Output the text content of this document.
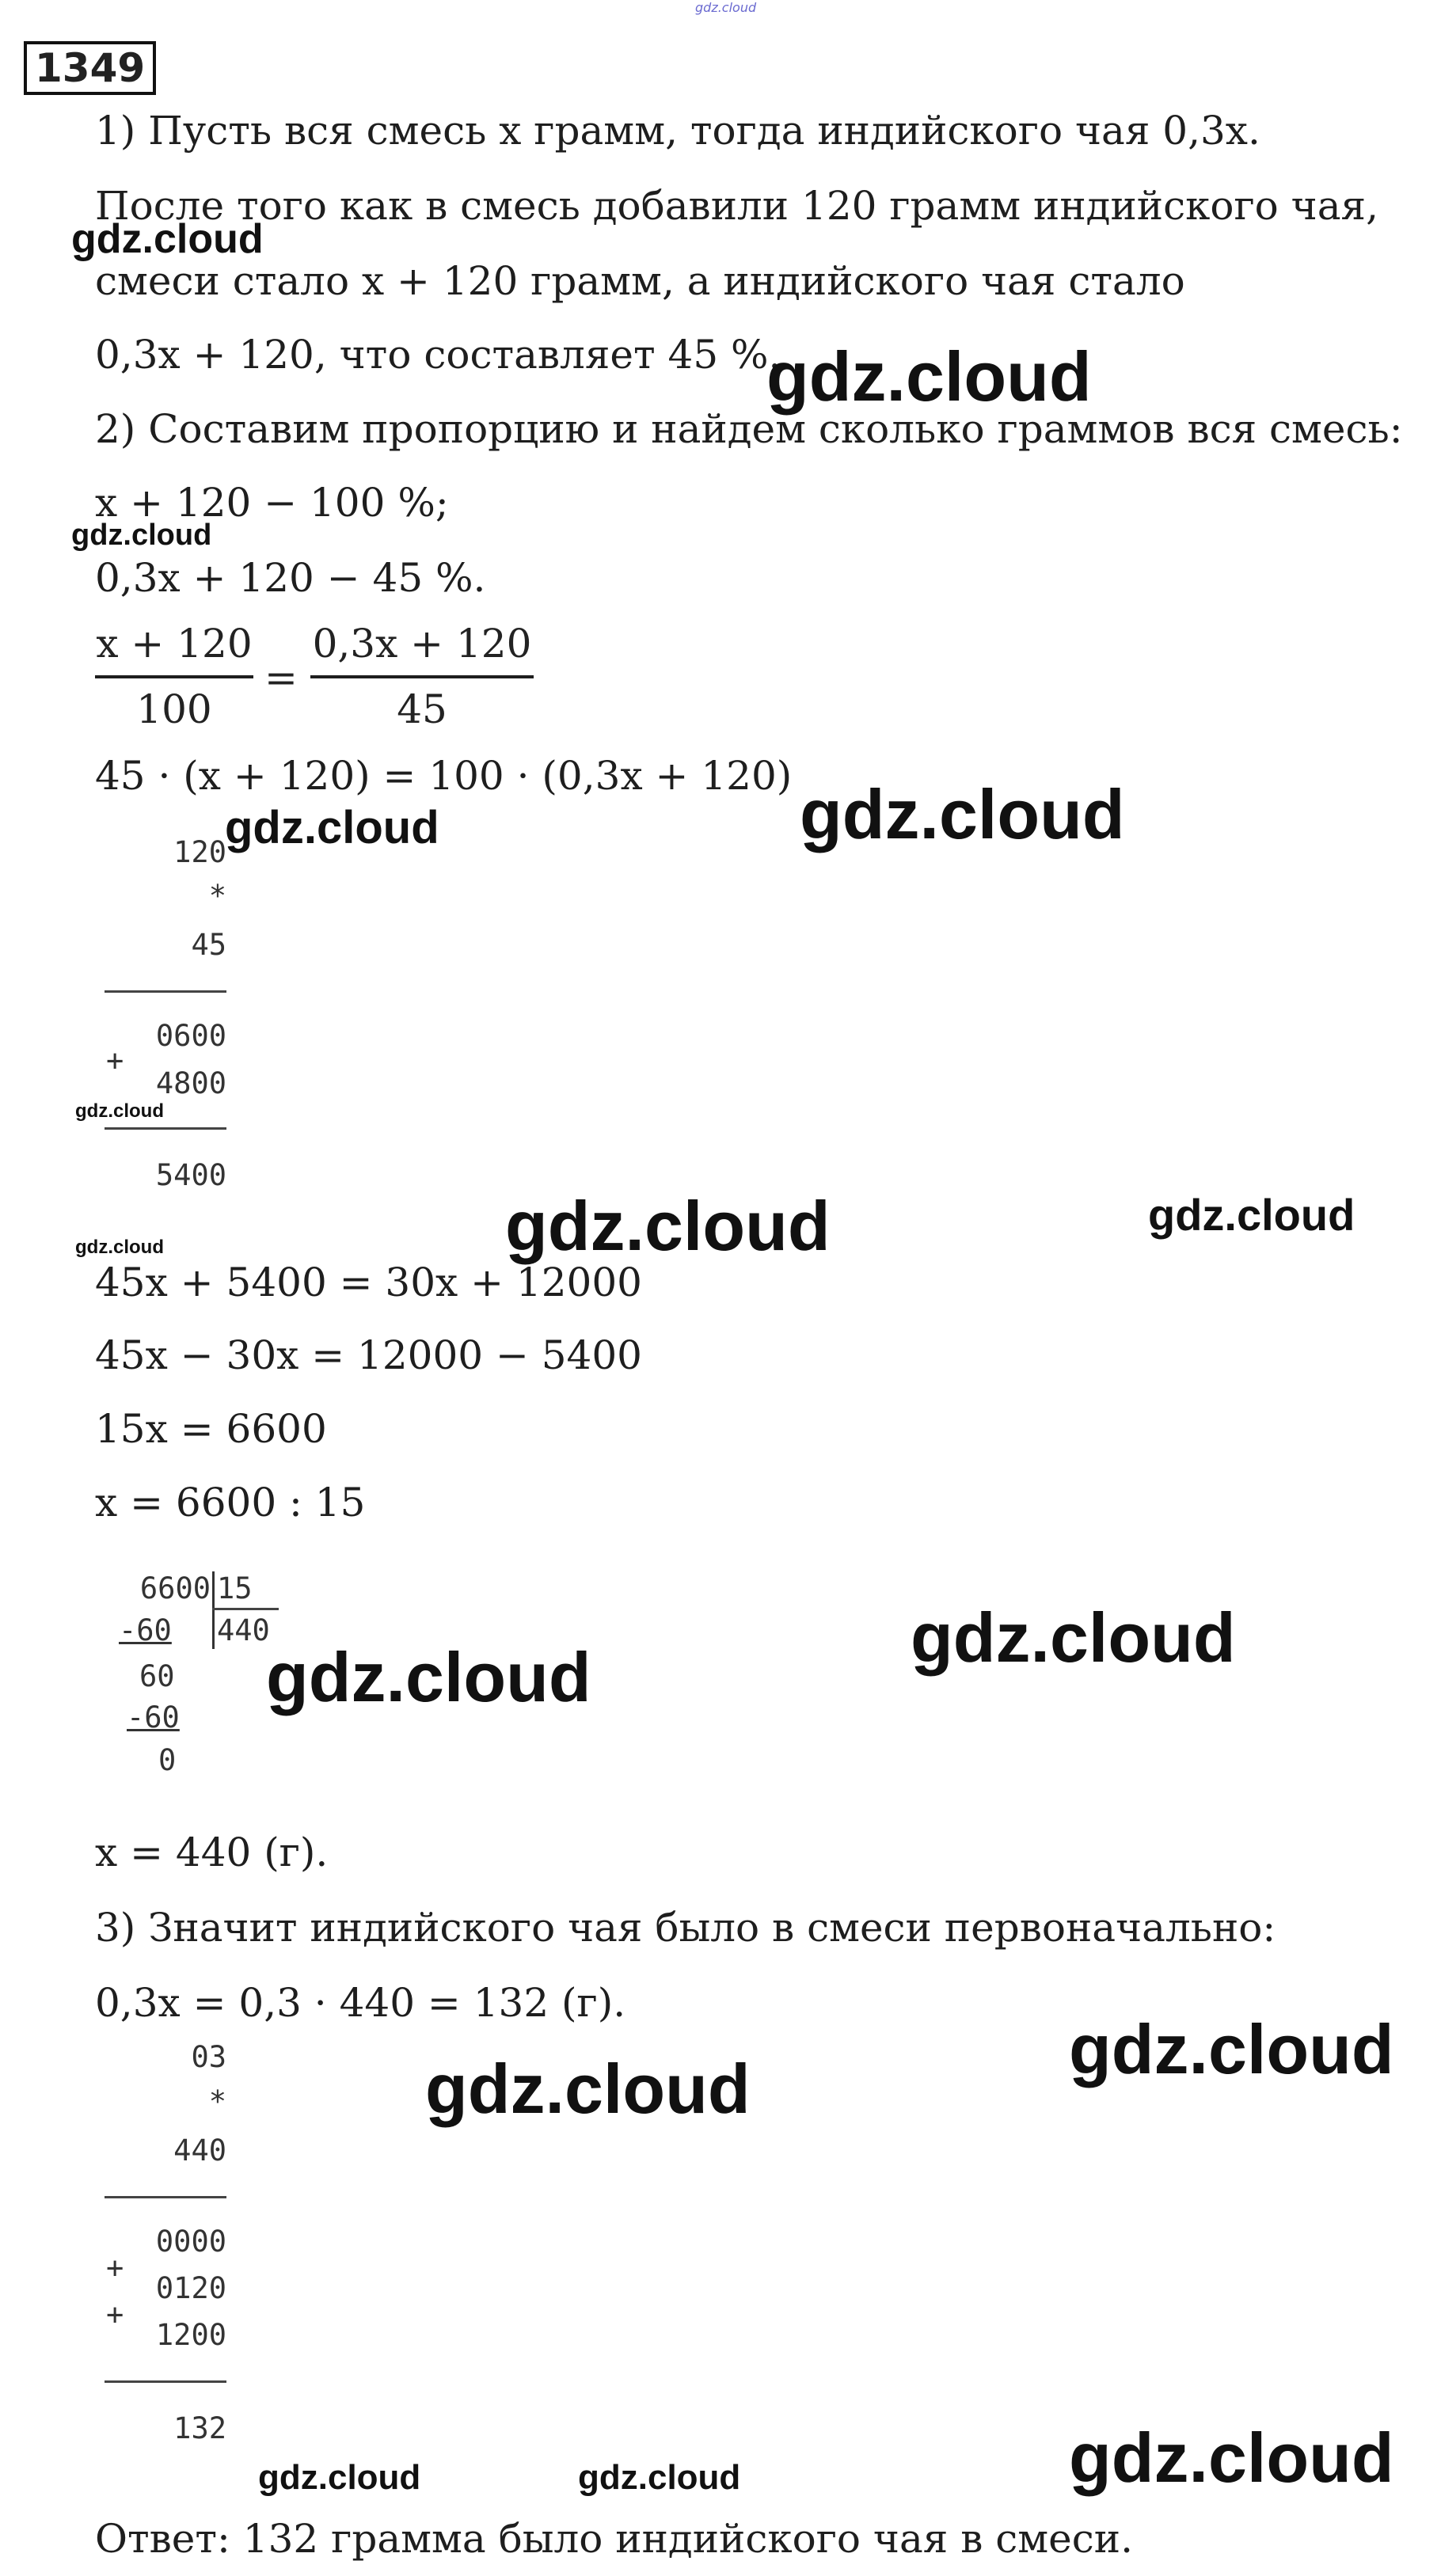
gdz.cloud
1349
1) Пусть вся смесь x грамм, тогда индийского чая 0,3x.
После того как в смесь добавили 120 грамм индийского чая,
смеси стало x + 120 грамм, а индийского чая стало
0,3x + 120, что составляет 45 %.
2) Составим пропорцию и найдем сколько граммов вся смесь:
x + 120 − 100 %;
0,3x + 120 − 45 %.
x + 120
100
=
0,3x + 120
45
45 · (x + 120) = 100 · (0,3x + 120)
120
*
45
0600
+
4800
5400
45x + 5400 = 30x + 12000
45x − 30x = 12000 − 5400
15x = 6600
x = 6600 : 15
6600 15
440
-60
60
-60
0
x = 440 (г).
3) Значит индийского чая было в смеси первоначально:
0,3x = 0,3 · 440 = 132 (г).
03
*
440
0000
+
0120
+
1200
132
Ответ: 132 грамма было индийского чая в смеси.
gdz.cloud
gdz.cloud
gdz.cloud
gdz.cloud
gdz.cloud
gdz.cloud
gdz.cloud	gdz.cloud
gdz.cloud
gdz.cloud
gdz.cloud
gdz.cloud
gdz.cloud
gdz.cloud
gdz.cloud	gdz.cloud
